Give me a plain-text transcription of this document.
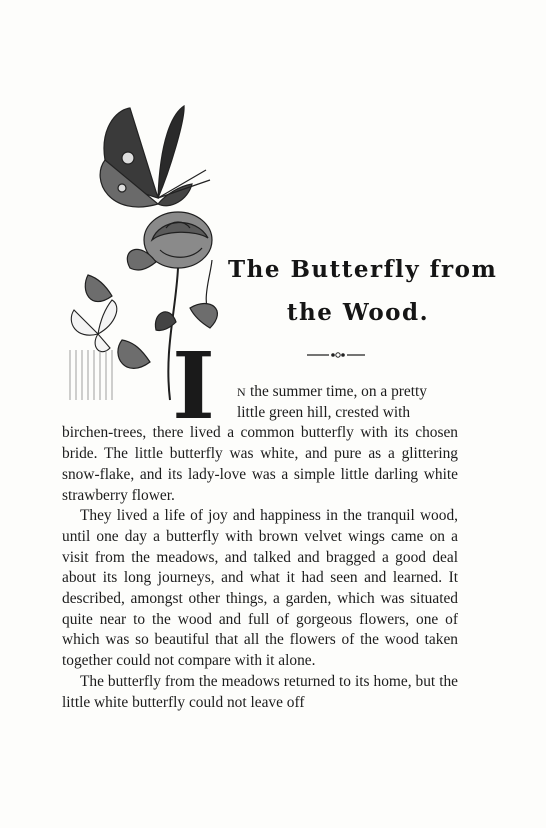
I
The Butterfly from
the Wood.

N the summer time, on a pretty
little green hill, crested with

birchen-trees, there lived a common butterfly with its chosen bride. The little butterfly was white, and pure as a glittering snow-flake, and its lady-love was a simple little darling white strawberry flower.

They lived a life of joy and happiness in the tranquil wood, until one day a butterfly with brown velvet wings came on a visit from the meadows, and talked and bragged a good deal about its long journeys, and what it had seen and learned. It described, amongst other things, a garden, which was situated quite near to the wood and full of gorgeous flowers, one of which was so beautiful that all the flowers of the wood taken together could not compare with it alone.

The butterfly from the meadows returned to its home, but the little white butterfly could not leave off
